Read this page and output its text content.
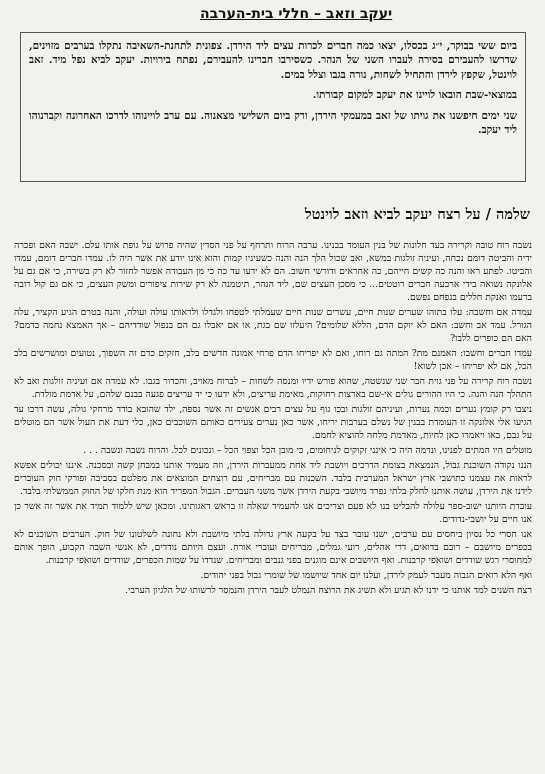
יעקב וזאב – חללי בית-הערבה

ביום ששי בבוקר, י״ג בכסלו, יצאו כמה חברים לכרות עצים ליד הירדן. צפונית לתחנת-השאיבה נתקלו בערבים מזוינים, שדרשו להעבירם בסירה לעברו השני של הנהר. כשסירבו חברינו להעבירם, נפתח בירויות. יעקב לביא נפל מיד. זאב לוינטל, שקפץ לירדן והתחיל לשחות, נורה בגבו וצלל במים.

במוצאי-שבת הובאו לויינו את יעקב למקום קבורתו.

שני ימים חיפשנו את גויתו של זאב במעמקי הירדן, ורק ביום השלישי מצאנוה. עם ערב לויינוהו לדרכו האחרונה וקברנוהו ליד יעקב.

שלמה / על רצח יעקב לביא וזאב לוינטל

נשבה רוח טובה וקרירה בעד חלונות של בנין העומד בבנינו. ערבה הרוח ותרחף על פני הסדין שהיה פרוש על גופת אותו עלם. ישבה האם ופכרה ידיה והביטה דומם נכחה, ועיניה זולגות במשא, ואב שכול הלך הנה והנה כשעיניו קמות והוא אינו יודע את אשר היה לו. עמדו חברים דומם, עמדו והביטו. לפתע ראו והנה כה קשים חייהם, כה אחראים ודורשי חשוב. הם לא ידעו עד כה כי מן העבודה אפשר לחזור לא רק בשירה, כי אם גם על אלונקה נשואה בידי ארבעה חברים רוטטים... כי מסכן העצים שם, ליד הנהר, תיטמנה לא רק שירות ציפורים ומשק העצים, כי אם גם קול רובה ברעמו ואנקת חללים בנפחם נפשם.

עמדה אם וחשבה: עלו בתוהו שערים שנות חיים, עשרים שנות חיים שעמלתי לטפחו ולגדלו ולראותו עולה ועולה, והנה בטרם הגיע הקציר, עלה הגורל. עמד אב וחשב: האם לא יוקם הדם, הללא שלומים? היעלזו שם בגת, או אם יאבלו גם הם בנפול שודדיהם – אך האמצא נחמה בדמם? האם הם כופרים ללבו?

עמדו חברים וחשבו: האמנם מת? המתה גם רוחו, ואם לא יפריחו הדם פרחי אמונה חדשים בלב, חזקים כדם זה השפוך, נטועים ומושרשים בלב הכל, אם לא יפריחו – אכן לשוא!

נשבה רוח קרירה על פני גוית חבר שני שנשטה, שהוא פורש ידיו ומנסה לשחות – לברוח מאויב, והכדור בגבו. לא עמדה אם ועיניה זולגות ואב לא התהלך הנה והנה. כי היו ההורים גולים אי-שם בארצות רחוקות, מאימת עריצים, ולא ידעו כי יד עריצים פגעה בבנם שלהם, על אדמת מולדת.

ניצבו רק קומץ נערים וכמה נערות, ועיניהם זולגות ובכו גוף על עצים רבים אנשים זה אשר נספה, ילד שהובא בודד מרחקי גולה, עשה דרכו עד הגיעו אלי אלונקה זו העומדת בבנין של נשלם בערבות יריחו, אשר כאן נערים צעירים כאותם השוכבים כאן, כלי דעת את העול אשר הם מוטלים על גבם, באו ויאמרו כאן לחיות, מאדמת מלחה להוציא לחמם.

מוטלים היו המתים לפנינו, ונדמה היה כי אינני זקוקים לניחומים, כי מובן הכל וצפוי הכל – ונכונים לכל. והרוח נשבה ונשבה . . .

הננו נקודה השוכנת גבול, הנמצאת בצומת הדרכים ויושבת ליד אחת ממעברות הירדן, וזה מעמיד אותנו במבחן קשה ובסכנה. איננו יכולים אפשא לראות את עצמנו כתושבי ארץ ישראל המערבית בלבד. השכנות עם מבריחים, עם רוצחים המוצאים את מפלטם בסביבה ופורקי חוק העוברים לידנו את הירדן, עושה אותנו לחלק בלתי נפרד מיושבי בקעת הירדן אשר משני העברים. הגבול המפריד הוא מנת חלקו של החוק הממשלתי בלבד.

עובדת היותנו ישוב-ספר עלולה להבליט בנו לא פעם וצריכים אנו להעמיד שאלה זו בראש דאגותינו. ומכאן שיש ללמוד תמיד את אשר זה אשר כן אנו חיים על יושבי-נדודים.

אנו חסרי כל נסיון ביחסים עם ערבים, ישנו עובר בצד על בקעה ארץ גדולה בלתי מיושבת ולא נחונה לשלטונו של חוק. הערבים השוכנים לא בכפרים מיושבם – רובם בדואים, דרי אהלים, רועי גמלים, מבריחים ועוברי אורח. ועצם היותם נודדים, לא אנשי השבה הקבוע, הופך אותם למחוסרי רגש שודדים ושואפי קרבנות. ואף היושבים אינם מוגנים בפני גנבים ומבריחים. שנדדו על שמות הכפרים, שודדים ושואפי קרבנות.

ואף הלא רואים הגבוה מעבר לעמק לירדן, ועלנו יום אחד שיושמו של שומרי גבול בפני יהודים.

רצח השנים למד אותנו כי ידנו לא תגיע ולא תשיג את הרוצח הנמלט לעבר הירדן והנמסר לרשותו של הלגיון הערבי.
